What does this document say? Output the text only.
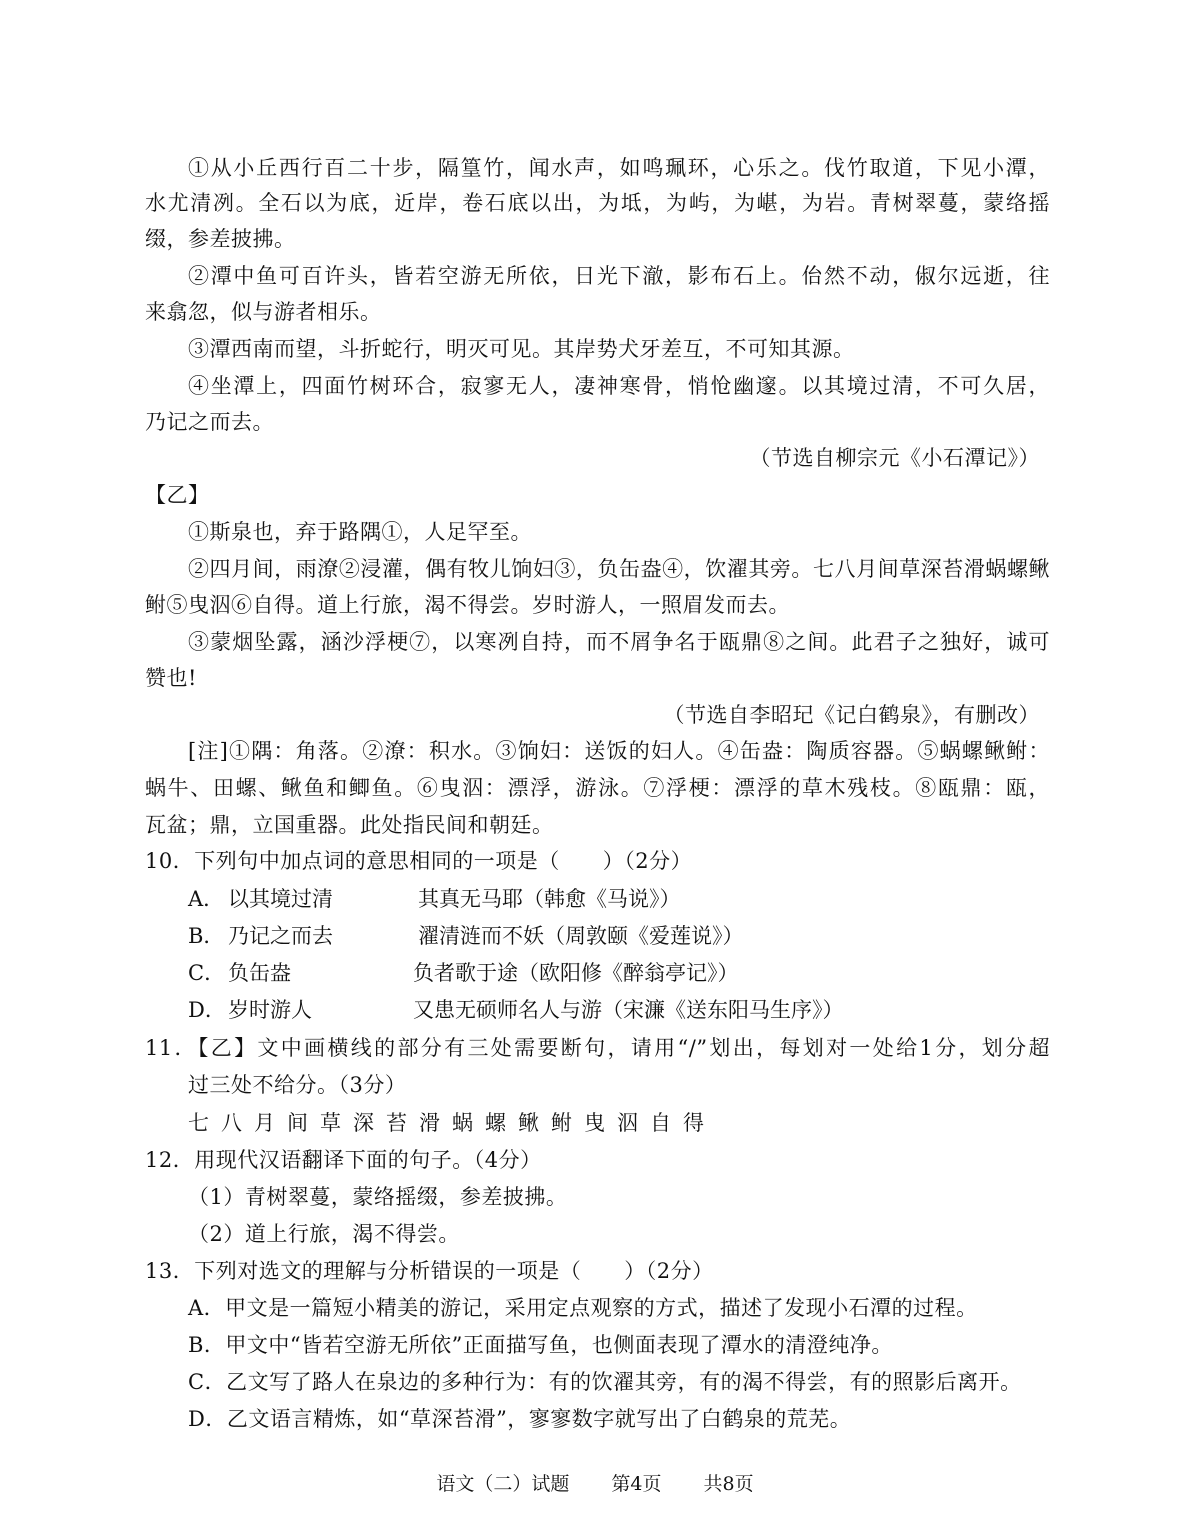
①从小丘西行百二十步，隔篁竹，闻水声，如鸣珮环，心乐之。伐竹取道，下见小潭，
水尤清冽。全石以为底，近岸，卷石底以出，为坻，为屿，为嵁，为岩。青树翠蔓，蒙络摇
缀，参差披拂。
②潭中鱼可百许头，皆若空游无所依，日光下澈，影布石上。佁然不动，俶尔远逝，往
来翕忽，似与游者相乐。
③潭西南而望，斗折蛇行，明灭可见。其岸势犬牙差互，不可知其源。
④坐潭上，四面竹树环合，寂寥无人，凄神寒骨，悄怆幽邃。以其境过清，不可久居，
乃记之而去。
（节选自柳宗元《小石潭记》）
【乙】
①斯泉也，弃于路隅①，人足罕至。
②四月间，雨潦②浸灌，偶有牧儿饷妇③，负缶盎④，饮濯其旁。七八月间草深苔滑蜗螺鳅
鲋⑤曳泅⑥自得。道上行旅，渴不得尝。岁时游人，一照眉发而去。
③蒙烟坠露，涵沙浮梗⑦，以寒冽自持，而不屑争名于瓯鼎⑧之间。此君子之独好，诚可
赞也!
（节选自李昭玘《记白鹤泉》，有删改）
[注]①隅：角落。②潦：积水。③饷妇：送饭的妇人。④缶盎：陶质容器。⑤蜗螺鳅鲋：
蜗牛、田螺、鳅鱼和鲫鱼。⑥曳泅：漂浮，游泳。⑦浮梗：漂浮的草木残枝。⑧瓯鼎：瓯，
瓦盆；鼎，立国重器。此处指民间和朝廷。
10．下列句中加点词的意思相同的一项是（　　）（2分）
A． 以其境过清	其真无马耶（韩愈《马说》）
B． 乃记之而去	濯清涟而不妖（周敦颐《爱莲说》）
C． 负缶盎	负者歌于途（欧阳修《醉翁亭记》）
D． 岁时游人	又患无硕师名人与游（宋濂《送东阳马生序》）
11．【乙】文中画横线的部分有三处需要断句，请用“/”划出，每划对一处给1分，划分超
过三处不给分。（3分）
七八月间草深苔滑蜗螺鳅鲋曳泅自得
12．用现代汉语翻译下面的句子。（4分）
（1）青树翠蔓，蒙络摇缀，参差披拂。
（2）道上行旅，渴不得尝。
13．下列对选文的理解与分析错误的一项是（　　）（2分）
A．甲文是一篇短小精美的游记，采用定点观察的方式，描述了发现小石潭的过程。
B．甲文中“皆若空游无所依”正面描写鱼，也侧面表现了潭水的清澄纯净。
C．乙文写了路人在泉边的多种行为：有的饮濯其旁，有的渴不得尝，有的照影后离开。
D．乙文语言精炼，如“草深苔滑”，寥寥数字就写出了白鹤泉的荒芜。
语文（二）试题 第4页 共8页
